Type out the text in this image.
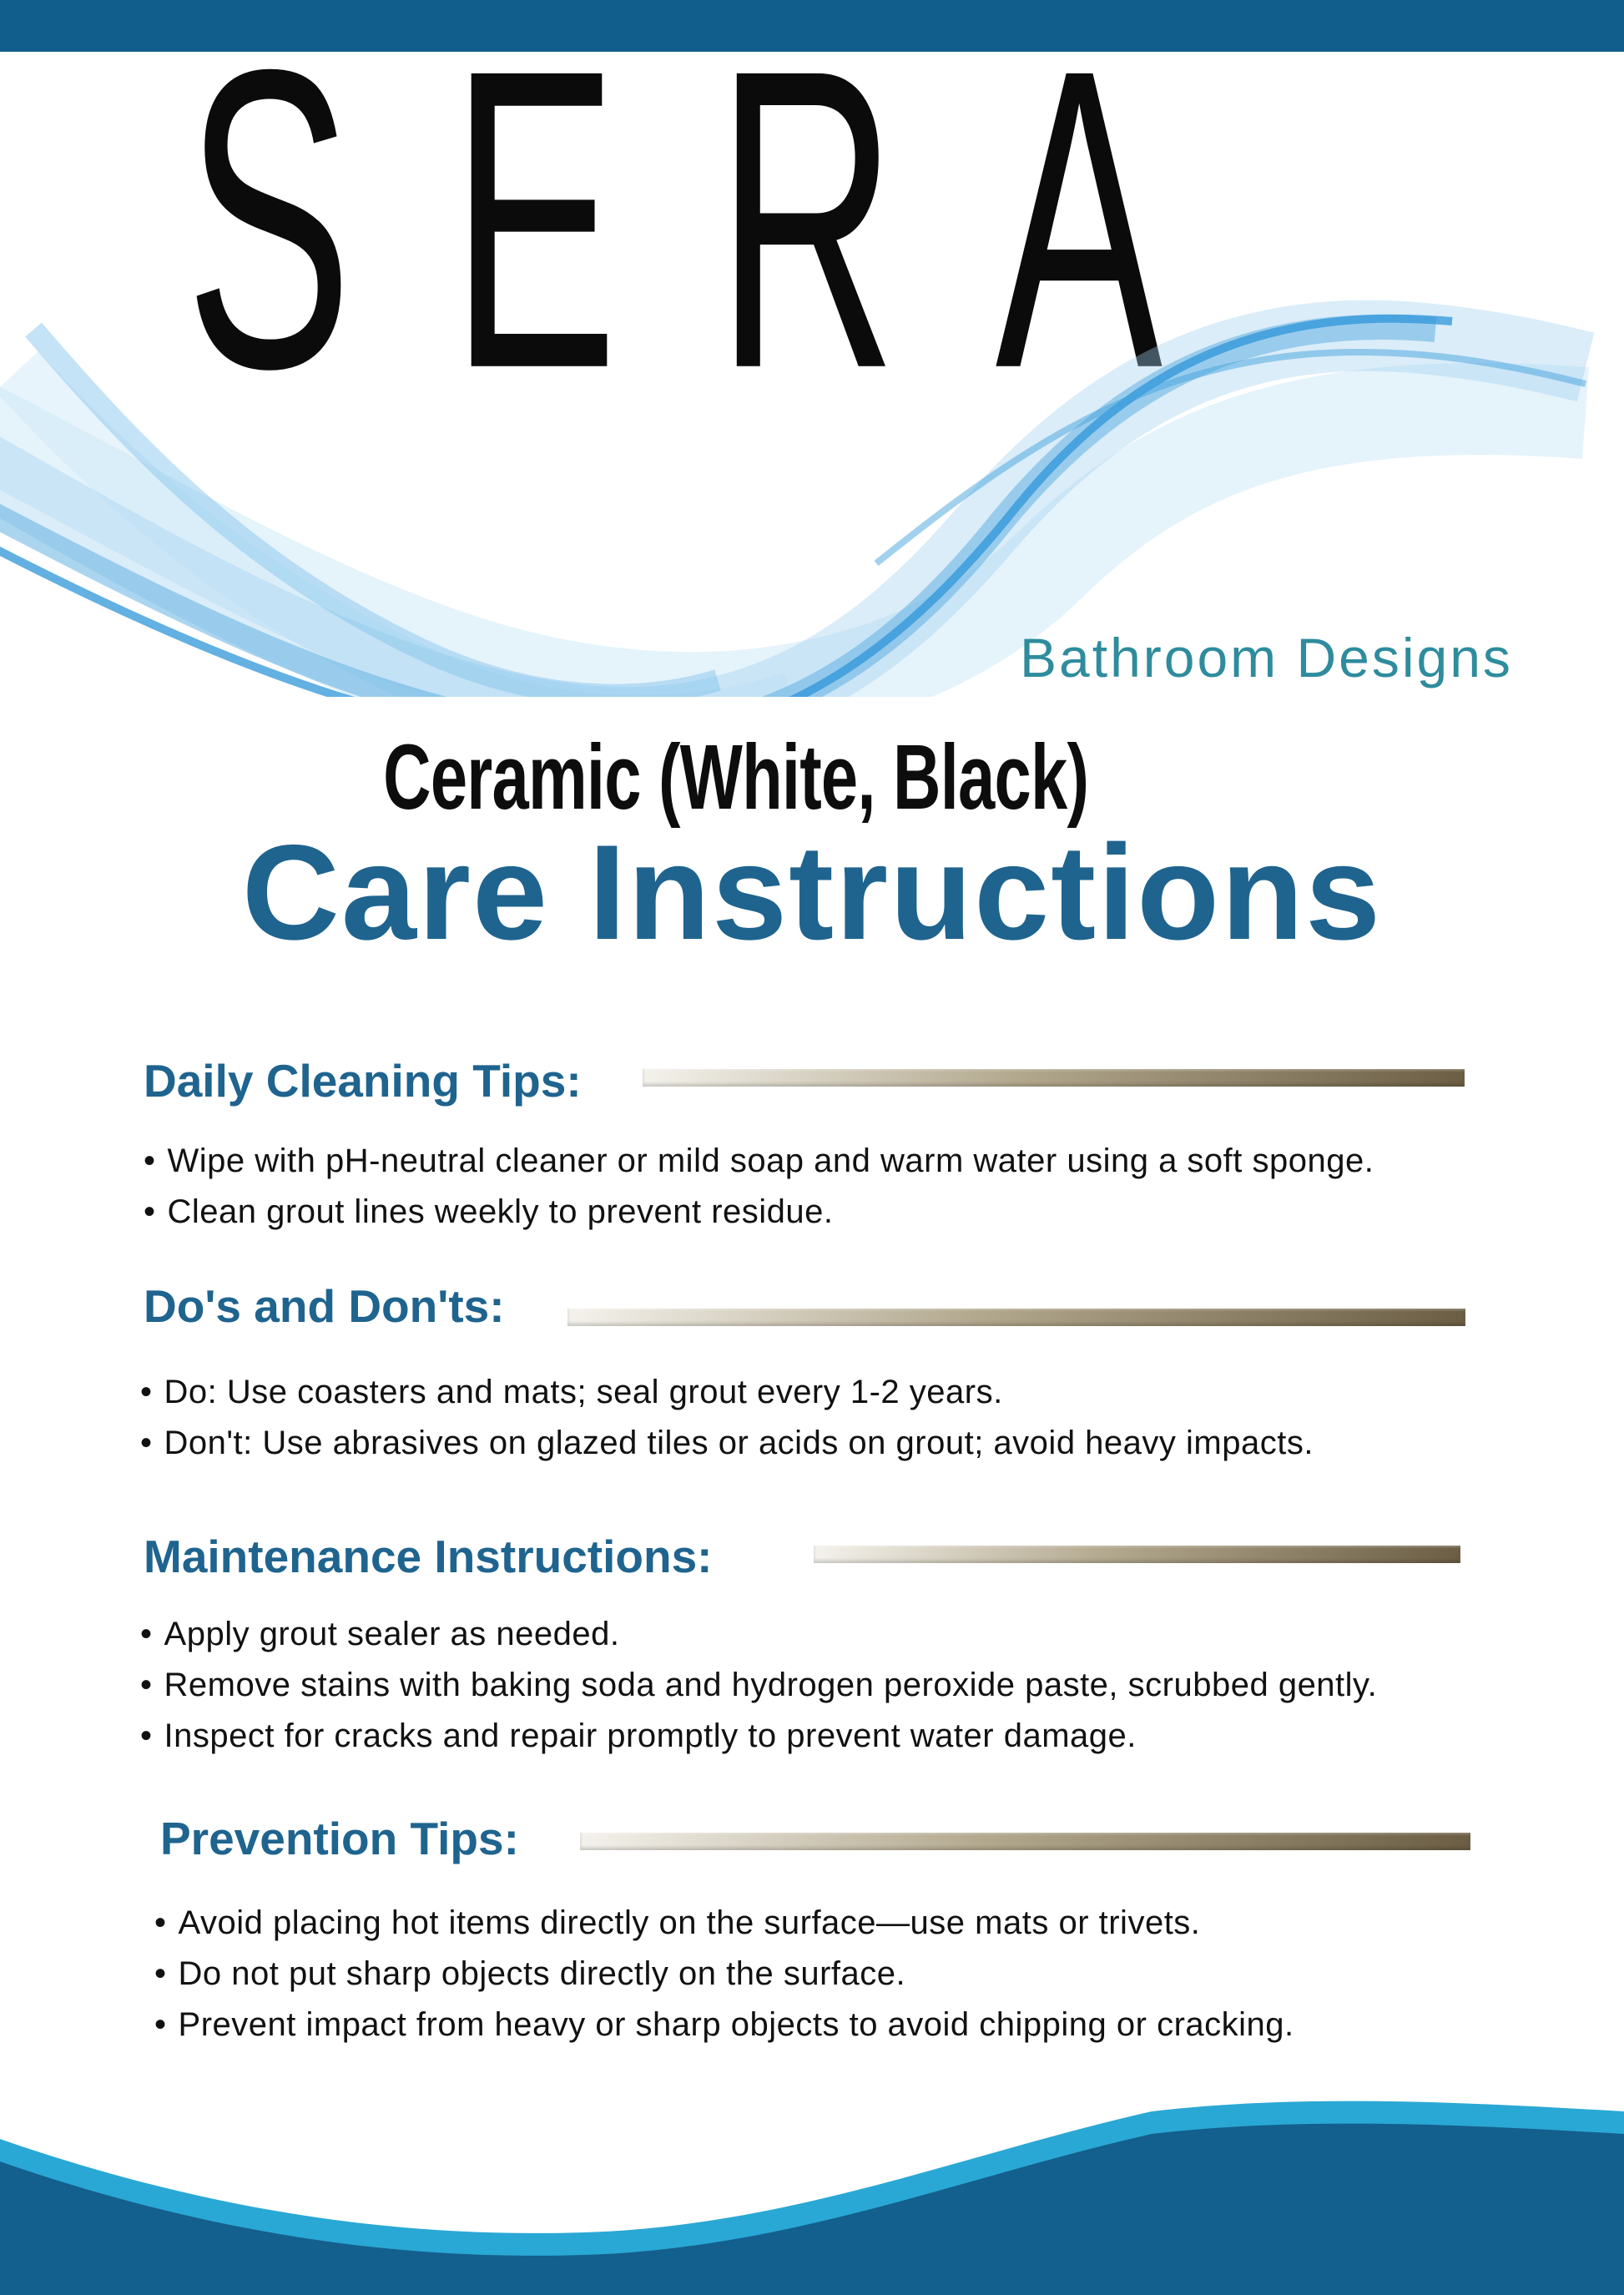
SERA
Bathroom Designs
Ceramic (White, Black)
Care Instructions
Daily Cleaning Tips:
• Wipe with pH-neutral cleaner or mild soap and warm water using a soft sponge.
• Clean grout lines weekly to prevent residue.
Do's and Don'ts:
• Do: Use coasters and mats; seal grout every 1-2 years.
• Don't: Use abrasives on glazed tiles or acids on grout; avoid heavy impacts.
Maintenance Instructions:
• Apply grout sealer as needed.
• Remove stains with baking soda and hydrogen peroxide paste, scrubbed gently.
• Inspect for cracks and repair promptly to prevent water damage.
Prevention Tips:
• Avoid placing hot items directly on the surface—use mats or trivets.
• Do not put sharp objects directly on the surface.
• Prevent impact from heavy or sharp objects to avoid chipping or cracking.
